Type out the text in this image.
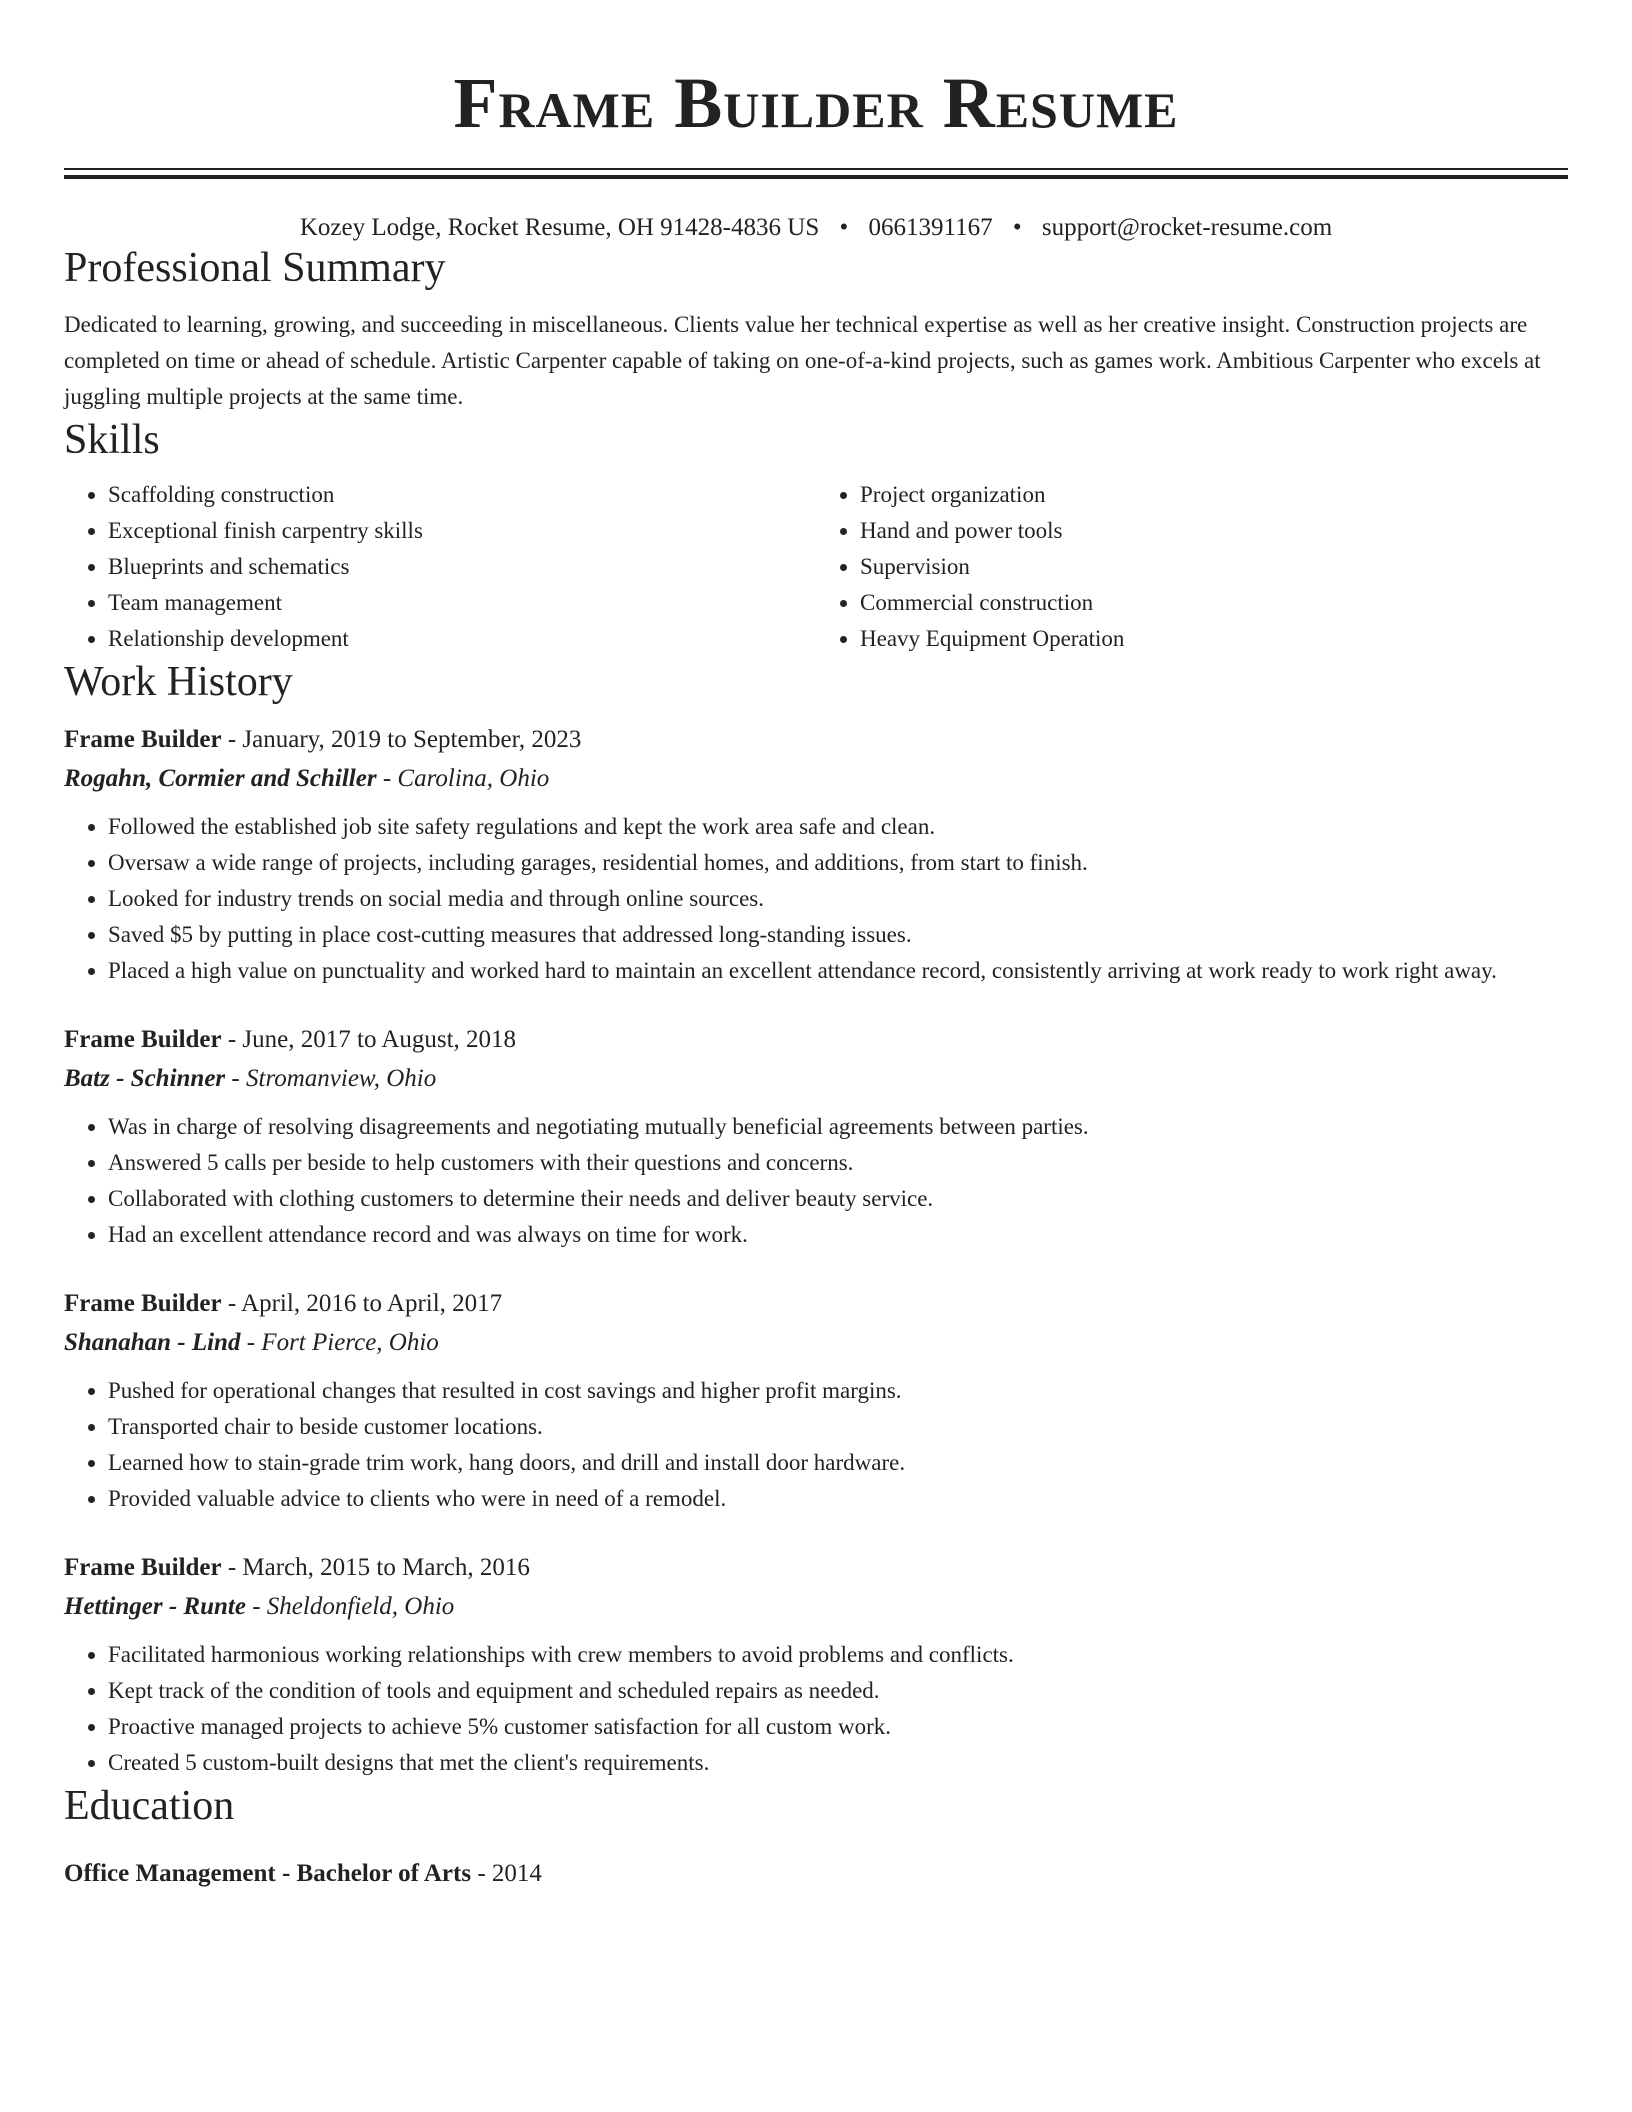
Frame Builder Resume
Kozey Lodge, Rocket Resume, OH 91428-4836 US • 0661391167 • support@rocket-resume.com
Professional Summary

Dedicated to learning, growing, and succeeding in miscellaneous. Clients value her technical expertise as well as her creative insight. Construction projects are completed on time or ahead of schedule. Artistic Carpenter capable of taking on one-of-a-kind projects, such as games work. Ambitious Carpenter who excels at juggling multiple projects at the same time.

Skills
• Scaffolding construction
• Exceptional finish carpentry skills
• Blueprints and schematics
• Team management
• Relationship development
• Project organization
• Hand and power tools
• Supervision
• Commercial construction
• Heavy Equipment Operation
Work History
Frame Builder - January, 2019 to September, 2023
Rogahn, Cormier and Schiller - Carolina, Ohio
• Followed the established job site safety regulations and kept the work area safe and clean.
• Oversaw a wide range of projects, including garages, residential homes, and additions, from start to finish.
• Looked for industry trends on social media and through online sources.
• Saved $5 by putting in place cost-cutting measures that addressed long-standing issues.
• Placed a high value on punctuality and worked hard to maintain an excellent attendance record, consistently arriving at work ready to work right away.
Frame Builder - June, 2017 to August, 2018
Batz - Schinner - Stromanview, Ohio
• Was in charge of resolving disagreements and negotiating mutually beneficial agreements between parties.
• Answered 5 calls per beside to help customers with their questions and concerns.
• Collaborated with clothing customers to determine their needs and deliver beauty service.
• Had an excellent attendance record and was always on time for work.
Frame Builder - April, 2016 to April, 2017
Shanahan - Lind - Fort Pierce, Ohio
• Pushed for operational changes that resulted in cost savings and higher profit margins.
• Transported chair to beside customer locations.
• Learned how to stain-grade trim work, hang doors, and drill and install door hardware.
• Provided valuable advice to clients who were in need of a remodel.
Frame Builder - March, 2015 to March, 2016
Hettinger - Runte - Sheldonfield, Ohio
• Facilitated harmonious working relationships with crew members to avoid problems and conflicts.
• Kept track of the condition of tools and equipment and scheduled repairs as needed.
• Proactive managed projects to achieve 5% customer satisfaction for all custom work.
• Created 5 custom-built designs that met the client's requirements.
Education
Office Management - Bachelor of Arts - 2014
